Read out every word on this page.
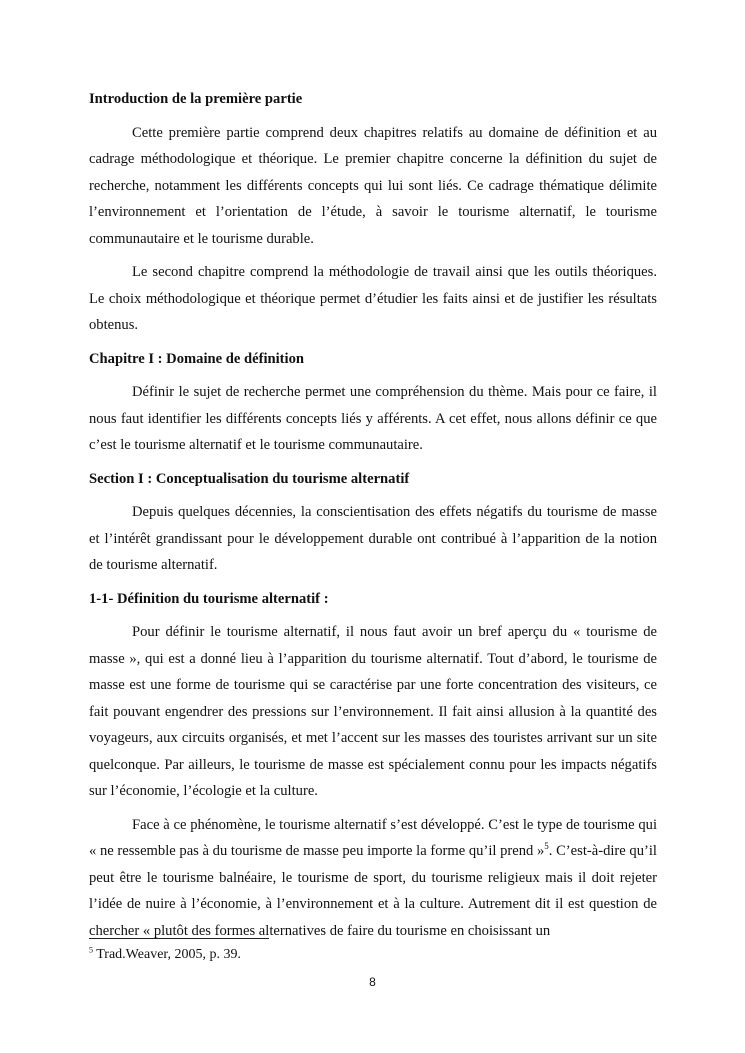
Introduction de la première partie

Cette première partie comprend deux chapitres relatifs au domaine de définition et au cadrage méthodologique et théorique. Le premier chapitre concerne la définition du sujet de recherche, notamment les différents concepts qui lui sont liés. Ce cadrage thématique délimite l’environnement et l’orientation de l’étude, à savoir le tourisme alternatif, le tourisme communautaire et le tourisme durable.

Le second chapitre comprend la méthodologie de travail ainsi que les outils théoriques. Le choix méthodologique et théorique permet d’étudier les faits ainsi et de justifier les résultats obtenus.

Chapitre I : Domaine de définition

Définir le sujet de recherche permet une compréhension du thème. Mais pour ce faire, il nous faut identifier les différents concepts liés y afférents. A cet effet, nous allons définir ce que c’est le tourisme alternatif et le tourisme communautaire.

Section I : Conceptualisation du tourisme alternatif

Depuis quelques décennies, la conscientisation des effets négatifs du tourisme de masse et l’intérêt grandissant pour le développement durable ont contribué à l’apparition de la notion de tourisme alternatif.

1-1- Définition du tourisme alternatif :

Pour définir le tourisme alternatif, il nous faut avoir un bref aperçu du « tourisme de masse », qui est a donné lieu à l’apparition du tourisme alternatif. Tout d’abord, le tourisme de masse est une forme de tourisme qui se caractérise par une forte concentration des visiteurs, ce fait pouvant engendrer des pressions sur l’environnement. Il fait ainsi allusion à la quantité des voyageurs, aux circuits organisés, et met l’accent sur les masses des touristes arrivant sur un site quelconque. Par ailleurs, le tourisme de masse est spécialement connu pour les impacts négatifs sur l’économie, l’écologie et la culture.

Face à ce phénomène, le tourisme alternatif s’est développé. C’est le type de tourisme qui « ne ressemble pas à du tourisme de masse peu importe la forme qu’il prend »$^5$. C’est-à-dire qu’il peut être le tourisme balnéaire, le tourisme de sport, du tourisme religieux mais il doit rejeter l’idée de nuire à l’économie, à l’environnement et à la culture. Autrement dit il est question de chercher « plutôt des formes alternatives de faire du tourisme en choisissant un

$^5$ Trad.Weaver, 2005, p. 39.
8
